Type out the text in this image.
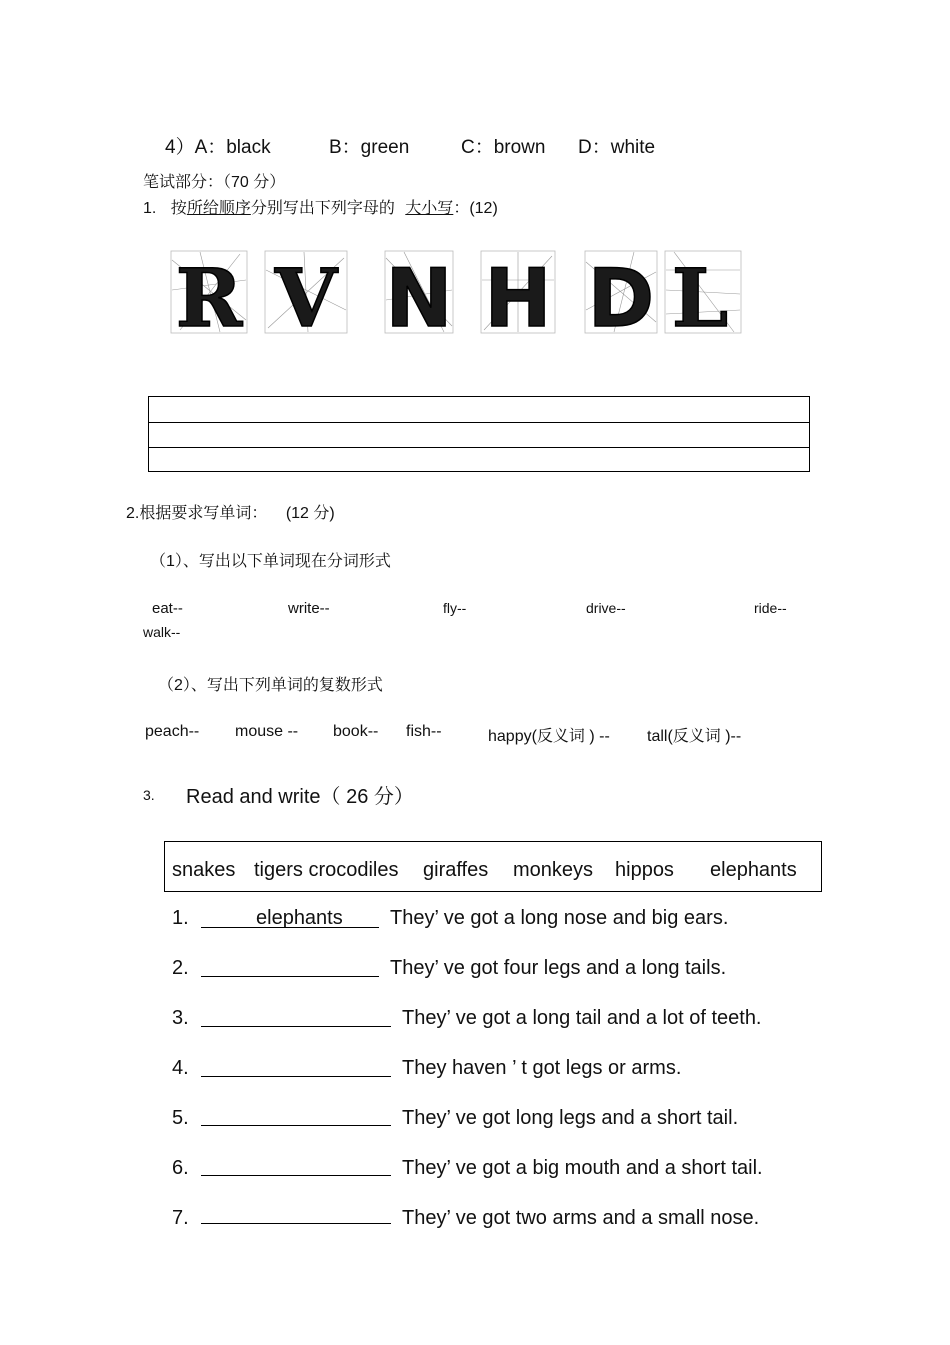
4）A：black	B：green	C：brown D：white
笔试部分：（70 分）
1. 按所给顺序分别写出下列字母的 大小写：(12)
R V N H D L
2.根据要求写单词： (12 分)
（1）、写出以下单词现在分词形式
eat--	write--	fly--	drive--	ride--
walk--
（2）、写出下列单词的复数形式
peach-- mouse -- book-- fish--	happy(反义词 ) -- tall(反义词 )--
3. Read and write（ 26 分）
snakes tigers crocodiles giraffes monkeys hippos elephants
1.	elephants They’ ve got a long nose and big ears.
2.	They’ ve got four legs and a long tails.
3.	They’ ve got a long tail and a lot of teeth.
4.	They haven ’ t got legs or arms.
5.	They’ ve got long legs and a short tail.
6.	They’ ve got a big mouth and a short tail.
7.	They’ ve got two arms and a small nose.
